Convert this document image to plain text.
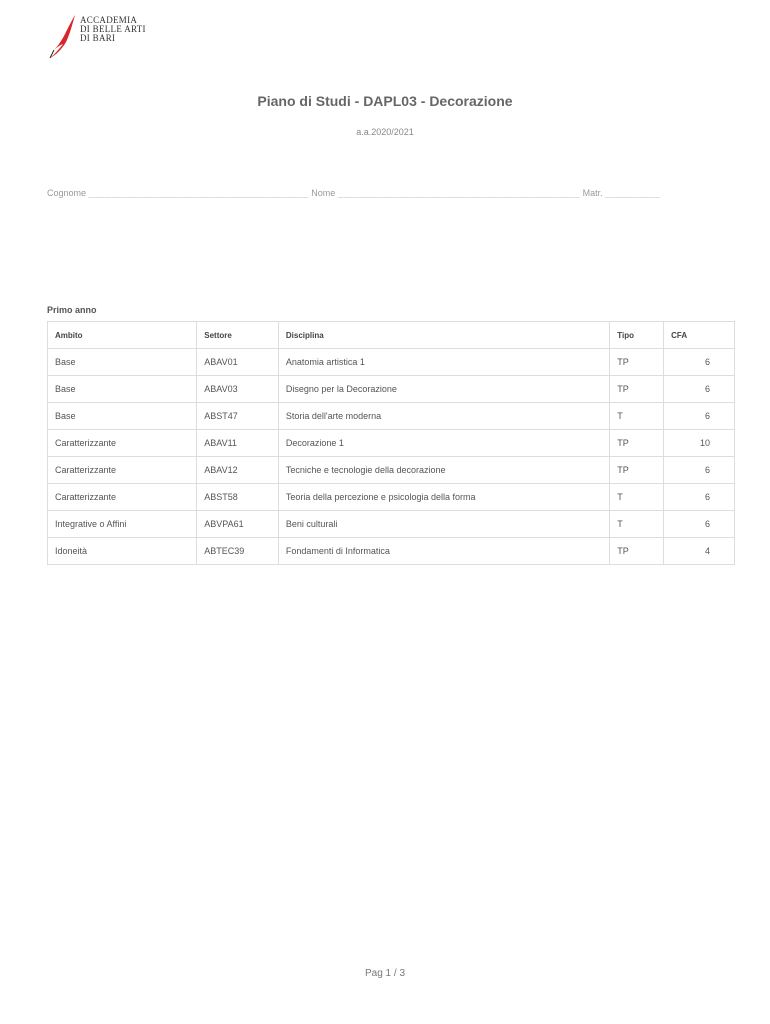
ACCADEMIA
DI BELLE ARTI
DI BARI
Piano di Studi - DAPL03 - Decorazione
a.a.2020/2021
Cognome ________________________________________ Nome ____________________________________________ Matr. __________
Primo anno
Ambito	Settore	Disciplina	Tipo	CFA
Base	ABAV01	Anatomia artistica 1	TP	6
Base	ABAV03	Disegno per la Decorazione	TP	6
Base	ABST47	Storia dell'arte moderna	T	6
Caratterizzante	ABAV11	Decorazione 1	TP	10
Caratterizzante	ABAV12	Tecniche e tecnologie della decorazione	TP	6
Caratterizzante	ABST58	Teoria della percezione e psicologia della forma	T	6
Integrative o Affini	ABVPA61	Beni culturali	T	6
Idoneità	ABTEC39	Fondamenti di Informatica	TP	4
Pag 1 / 3
